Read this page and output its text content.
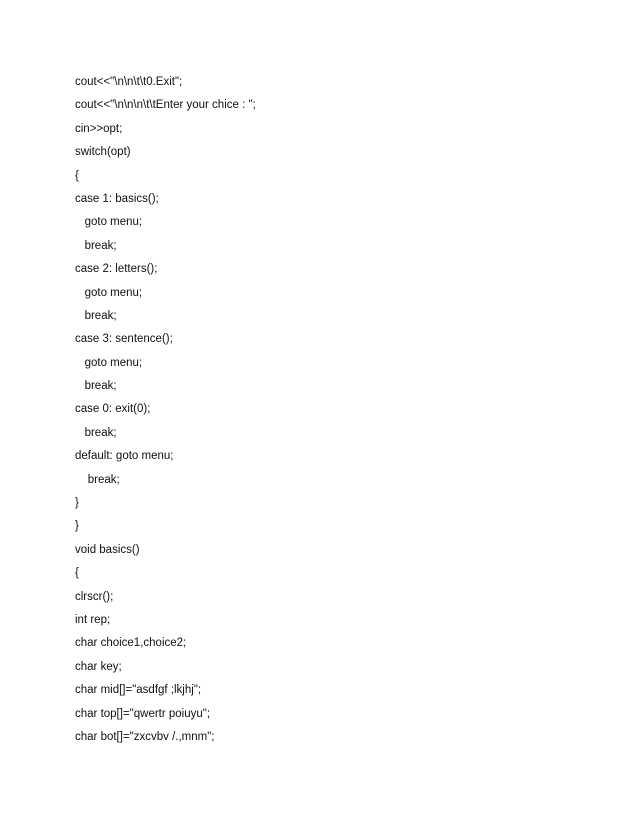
cout<<"\n\n\t\t0.Exit";
cout<<"\n\n\n\t\tEnter your chice : ";
cin>>opt;
switch(opt)
{
case 1: basics();
goto menu;
break;
case 2: letters();
goto menu;
break;
case 3: sentence();
goto menu;
break;
case 0: exit(0);
break;
default: goto menu;
break;
}
}
void basics()
{
clrscr();
int rep;
char choice1,choice2;
char key;
char mid[]="asdfgf ;lkjhj";
char top[]="qwertr poiuyu";
char bot[]="zxcvbv /.,mnm";
